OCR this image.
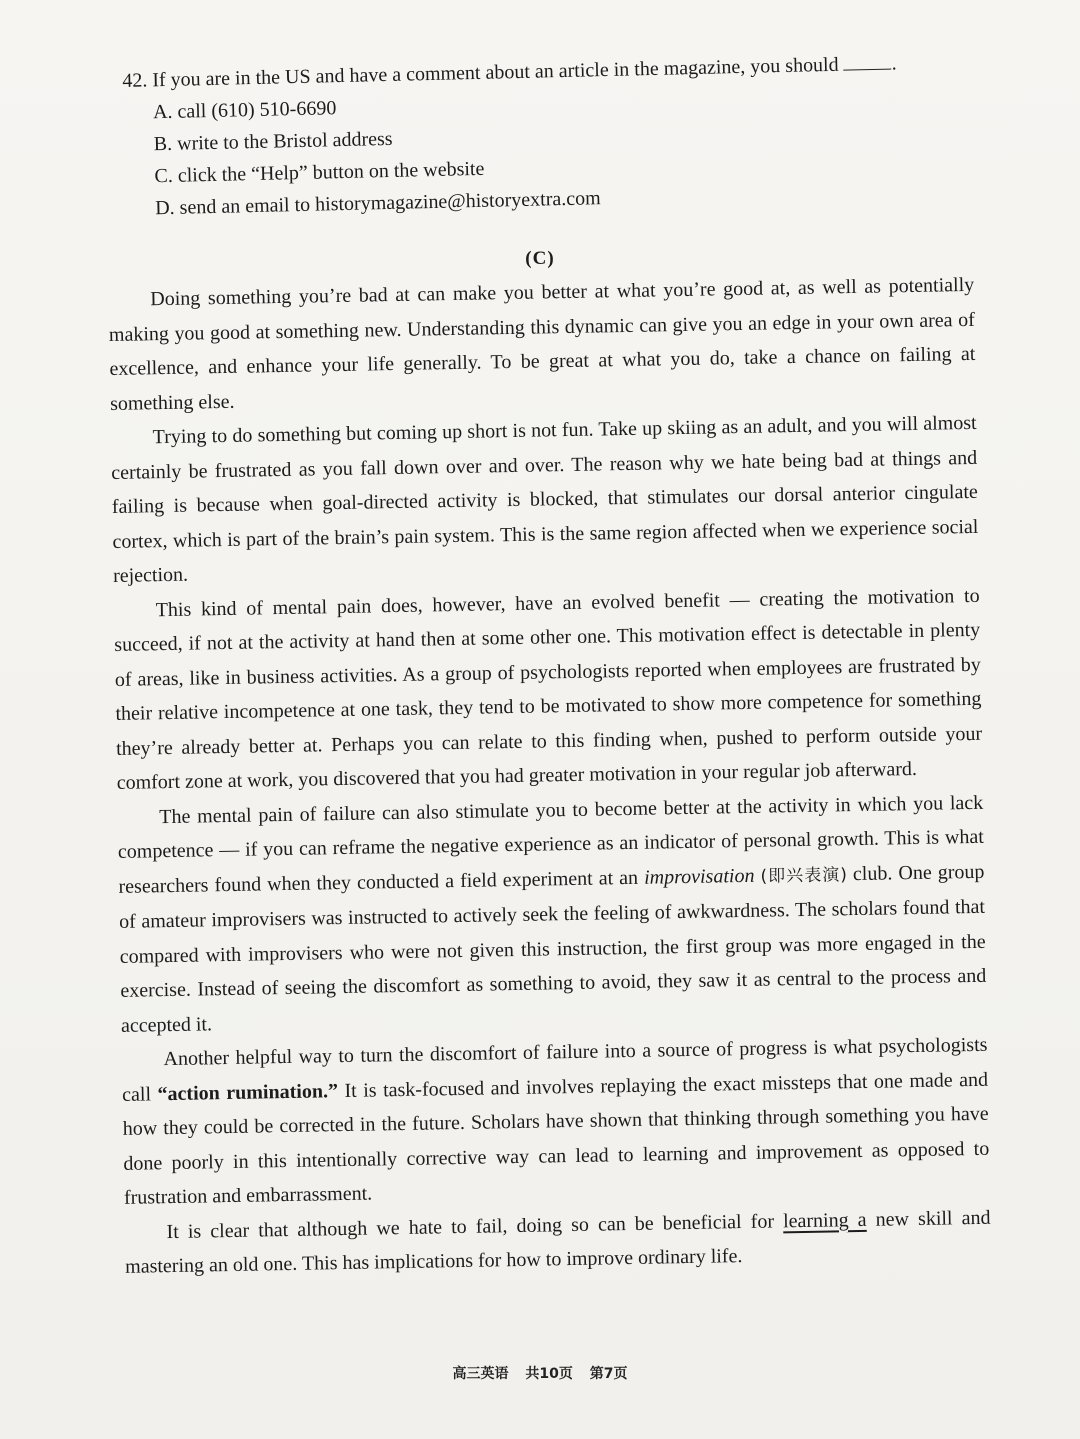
42. If you are in the US and have a comment about an article in the magazine, you should	.
A. call (610) 510-6690
B. write to the Bristol address
C. click the “Help” button on the website
D. send an email to historymagazine@historyextra.com
(C)

Doing something you’re bad at can make you better at what you’re good at, as well as potentially making you good at something new. Understanding this dynamic can give you an edge in your own area of excellence, and enhance your life generally. To be great at what you do, take a chance on failing at something else.

Trying to do something but coming up short is not fun. Take up skiing as an adult, and you will almost certainly be frustrated as you fall down over and over. The reason why we hate being bad at things and failing is because when goal-directed activity is blocked, that stimulates our dorsal anterior cingulate cortex, which is part of the brain’s pain system. This is the same region affected when we experience social rejection.

This kind of mental pain does, however, have an evolved benefit — creating the motivation to succeed, if not at the activity at hand then at some other one. This motivation effect is detectable in plenty of areas, like in business activities. As a group of psychologists reported when employees are frustrated by their relative incompetence at one task, they tend to be motivated to show more competence for something they’re already better at. Perhaps you can relate to this finding when, pushed to perform outside your comfort zone at work, you discovered that you had greater motivation in your regular job afterward.

The mental pain of failure can also stimulate you to become better at the activity in which you lack competence — if you can reframe the negative experience as an indicator of personal growth. This is what researchers found when they conducted a field experiment at an improvisation (即兴表演) club. One group of amateur improvisers was instructed to actively seek the feeling of awkwardness. The scholars found that compared with improvisers who were not given this instruction, the first group was more engaged in the exercise. Instead of seeing the discomfort as something to avoid, they saw it as central to the process and accepted it.

Another helpful way to turn the discomfort of failure into a source of progress is what psychologists call “action rumination.” It is task-focused and involves replaying the exact missteps that one made and how they could be corrected in the future. Scholars have shown that thinking through something you have done poorly in this intentionally corrective way can lead to learning and improvement as opposed to frustration and embarrassment.

It is clear that although we hate to fail, doing so can be beneficial for learning a new skill and mastering an old one. This has implications for how to improve ordinary life.

高三英语 共10页 第7页
